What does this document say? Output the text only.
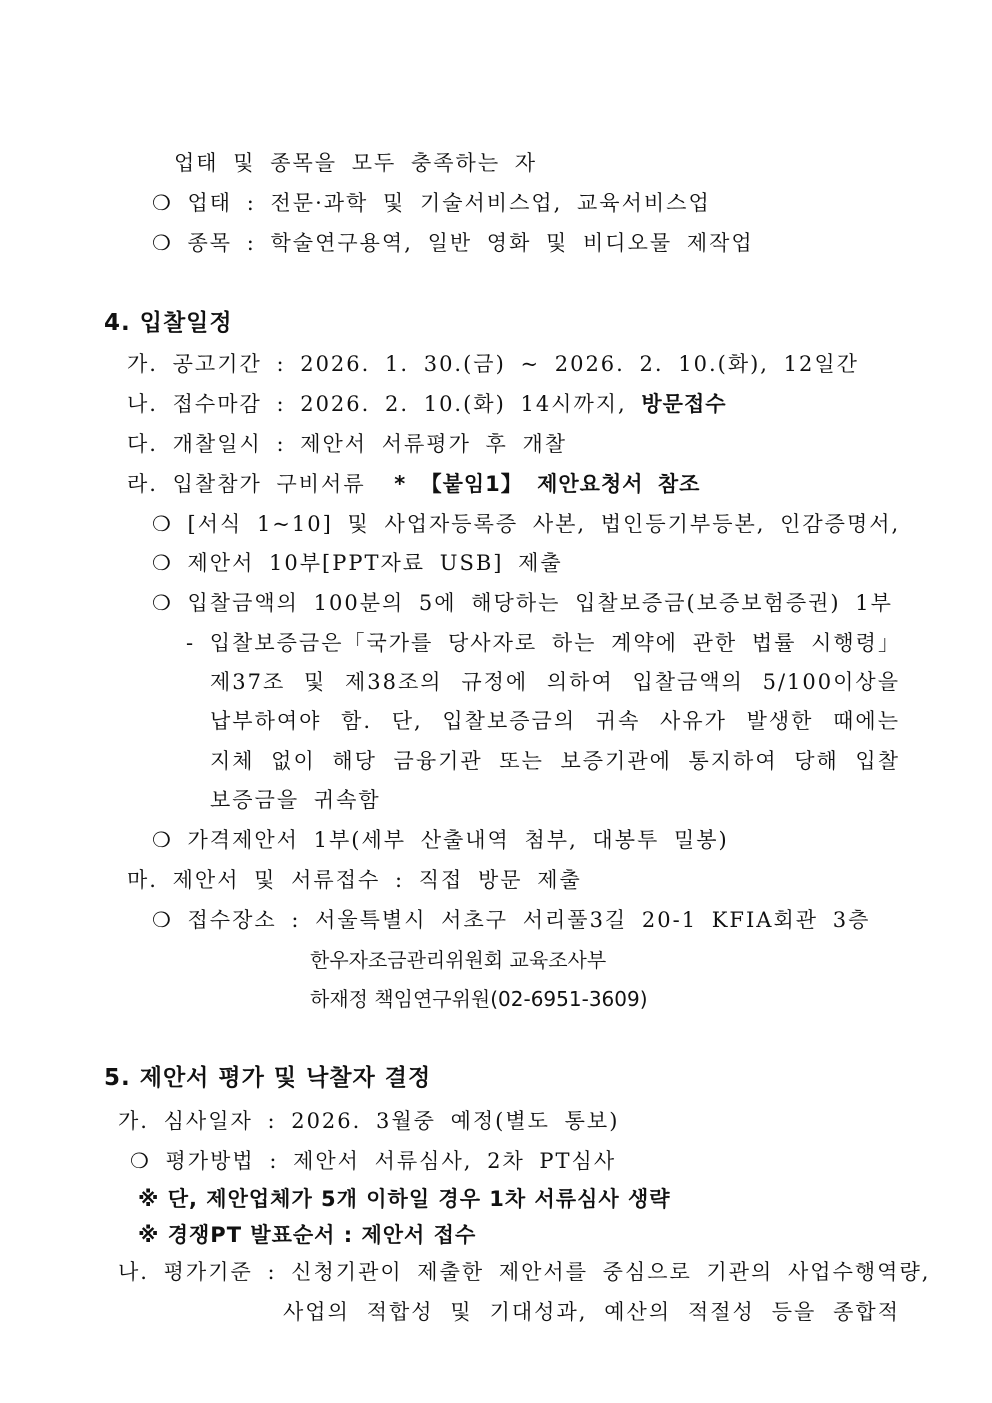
업태 및 종목을 모두 충족하는 자
❍ 업태 : 전문·과학 및 기술서비스업, 교육서비스업
❍ 종목 : 학술연구용역, 일반 영화 및 비디오물 제작업
4. 입찰일정
가. 공고기간 : 2026. 1. 30.(금) ~ 2026. 2. 10.(화), 12일간
나. 접수마감 : 2026. 2. 10.(화) 14시까지, 방문접수
다. 개찰일시 : 제안서 서류평가 후 개찰
라. 입찰참가 구비서류 * 【붙임1】 제안요청서 참조
❍ [서식 1~10] 및 사업자등록증 사본, 법인등기부등본, 인감증명서,
❍ 제안서 10부[PPT자료 USB] 제출
❍ 입찰금액의 100분의 5에 해당하는 입찰보증금(보증보험증권) 1부
- 입찰보증금은「국가를 당사자로 하는 계약에 관한 법률 시행령」
제37조 및 제38조의 규정에 의하여 입찰금액의 5/100이상을
납부하여야 함. 단, 입찰보증금의 귀속 사유가 발생한 때에는
지체 없이 해당 금융기관 또는 보증기관에 통지하여 당해 입찰
보증금을 귀속함
❍ 가격제안서 1부(세부 산출내역 첨부, 대봉투 밀봉)
마. 제안서 및 서류접수 : 직접 방문 제출
❍ 접수장소 : 서울특별시 서초구 서리풀3길 20-1 KFIA회관 3층
한우자조금관리위원회 교육조사부
하재정 책임연구위원(02-6951-3609)
5. 제안서 평가 및 낙찰자 결정
가. 심사일자 : 2026. 3월중 예정(별도 통보)
❍ 평가방법 : 제안서 서류심사, 2차 PT심사
※ 단, 제안업체가 5개 이하일 경우 1차 서류심사 생략
※ 경쟁PT 발표순서 : 제안서 접수
나. 평가기준 : 신청기관이 제출한 제안서를 중심으로 기관의 사업수행역량,
사업의 적합성 및 기대성과, 예산의 적절성 등을 종합적
